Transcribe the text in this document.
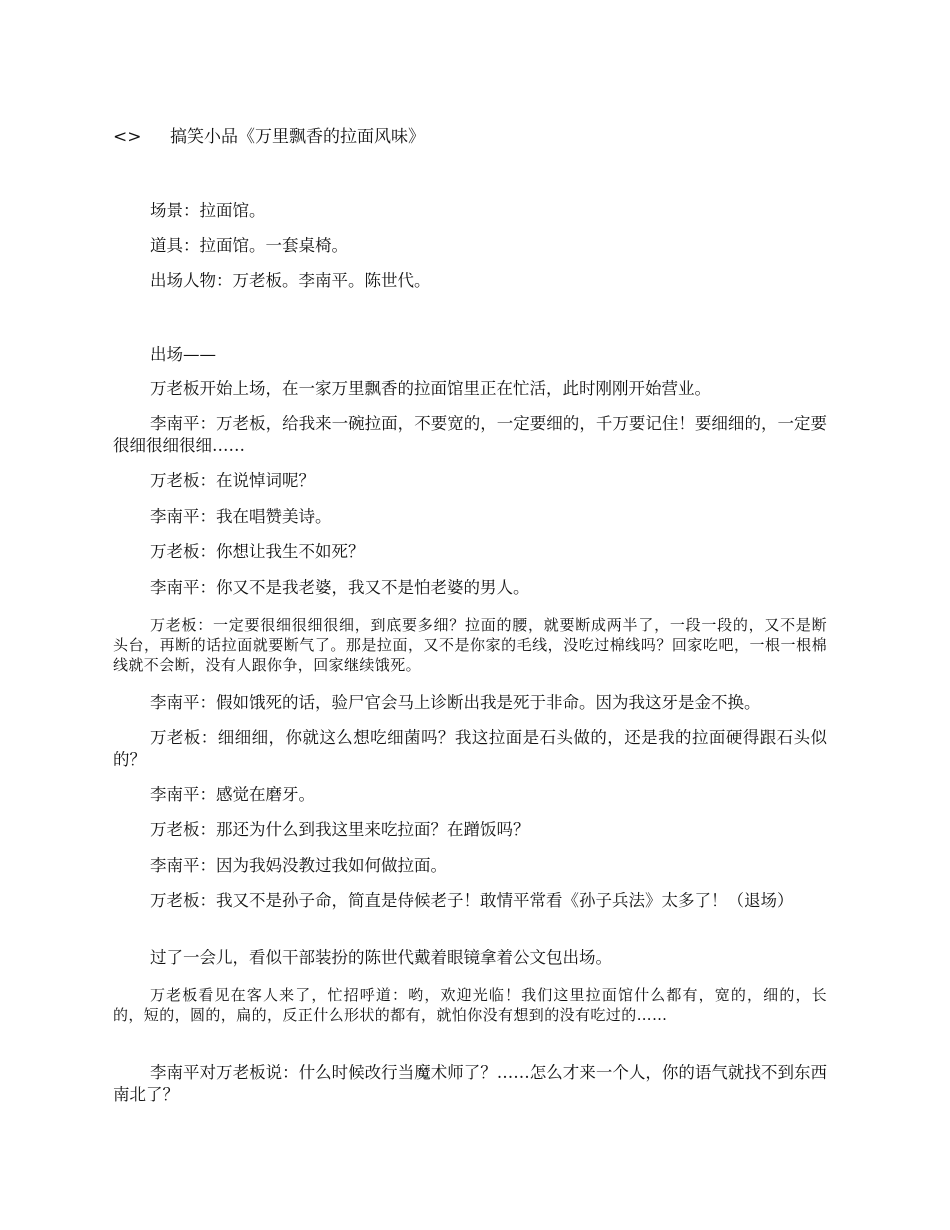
<> 搞笑小品《万里飘香的拉面风味》

场景：拉面馆。

道具：拉面馆。一套桌椅。

出场人物：万老板。李南平。陈世代。

出场——

万老板开始上场，在一家万里飘香的拉面馆里正在忙活，此时刚刚开始营业。

李南平：万老板，给我来一碗拉面，不要宽的，一定要细的，千万要记住！要细细的，一定要很细很细很细……

万老板：在说悼词呢？

李南平：我在唱赞美诗。

万老板：你想让我生不如死？

李南平：你又不是我老婆，我又不是怕老婆的男人。

万老板：一定要很细很细很细，到底要多细？拉面的腰，就要断成两半了，一段一段的，又不是断头台，再断的话拉面就要断气了。那是拉面，又不是你家的毛线，没吃过棉线吗？回家吃吧，一根一根棉线就不会断，没有人跟你争，回家继续饿死。

李南平：假如饿死的话，验尸官会马上诊断出我是死于非命。因为我这牙是金不换。

万老板：细细细，你就这么想吃细菌吗？我这拉面是石头做的，还是我的拉面硬得跟石头似的？

李南平：感觉在磨牙。

万老板：那还为什么到我这里来吃拉面？在蹭饭吗？

李南平：因为我妈没教过我如何做拉面。

万老板：我又不是孙子命，简直是侍候老子！敢情平常看《孙子兵法》太多了！（退场）

过了一会儿，看似干部装扮的陈世代戴着眼镜拿着公文包出场。

万老板看见在客人来了，忙招呼道：哟，欢迎光临！我们这里拉面馆什么都有，宽的，细的，长的，短的，圆的，扁的，反正什么形状的都有，就怕你没有想到的没有吃过的……

李南平对万老板说：什么时候改行当魔术师了？……怎么才来一个人，你的语气就找不到东西南北了？
